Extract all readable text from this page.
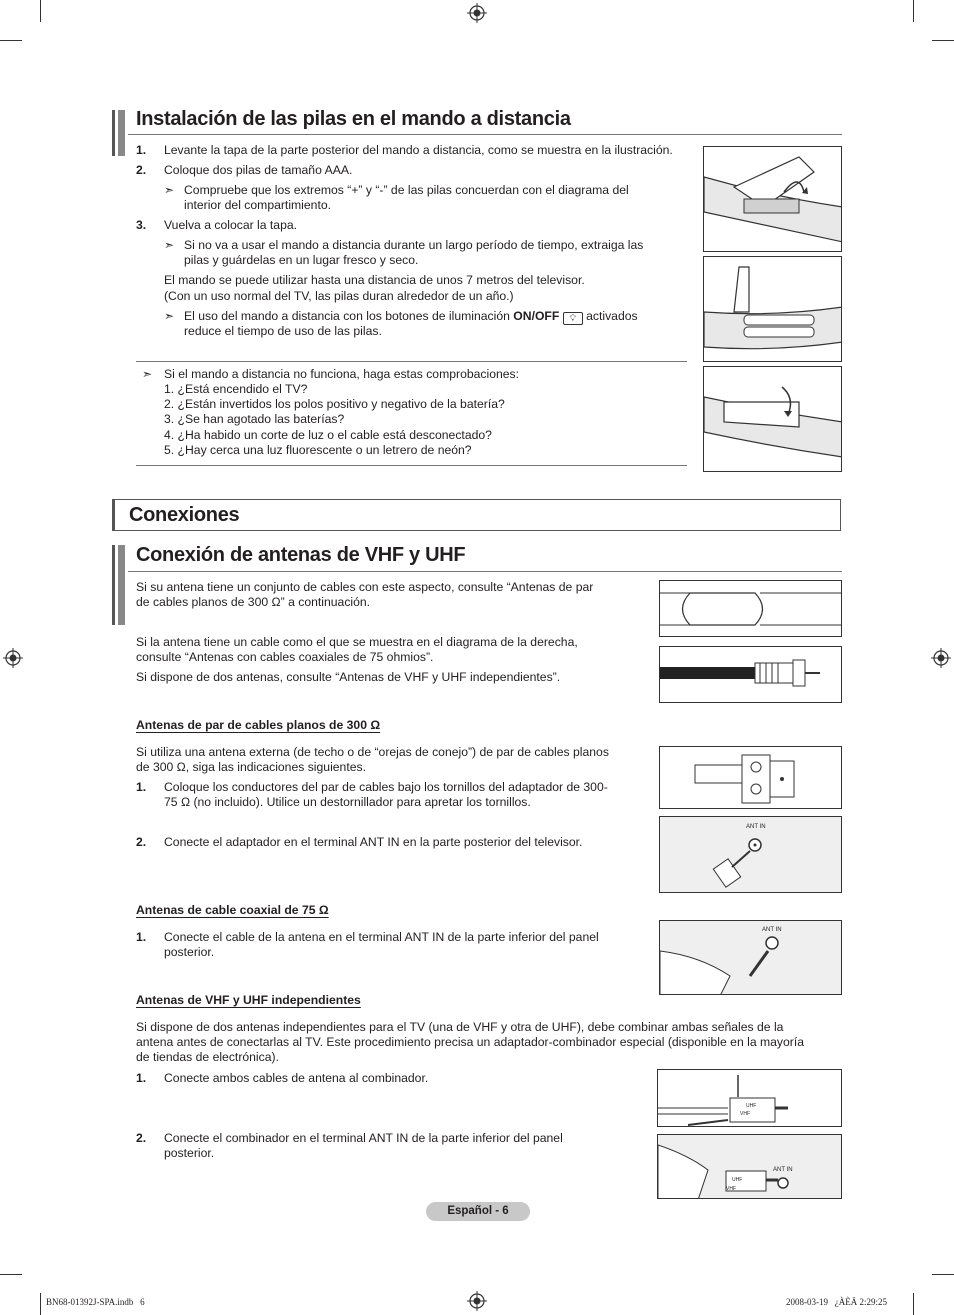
Instalación de las pilas en el mando a distancia
1. Levante la tapa de la parte posterior del mando a distancia, como se muestra en la ilustración.
2. Coloque dos pilas de tamaño AAA.
➣ Compruebe que los extremos “+” y “-” de las pilas concuerdan con el diagrama del
interior del compartimiento.
3. Vuelva a colocar la tapa.
➣ Si no va a usar el mando a distancia durante un largo período de tiempo, extraiga las
pilas y guárdelas en un lugar fresco y seco.
El mando se puede utilizar hasta una distancia de unos 7 metros del televisor.
(Con un uso normal del TV, las pilas duran alrededor de un año.)
➣ El uso del mando a distancia con los botones de iluminación ON/OFF 💡︎ activados
reduce el tiempo de uso de las pilas.
➣ Si el mando a distancia no funciona, haga estas comprobaciones:
1. ¿Está encendido el TV?
2. ¿Están invertidos los polos positivo y negativo de la batería?
3. ¿Se han agotado las baterías?
4. ¿Ha habido un corte de luz o el cable está desconectado?
5. ¿Hay cerca una luz fluorescente o un letrero de neón?
Conexiones
Conexión de antenas de VHF y UHF
Si su antena tiene un conjunto de cables con este aspecto, consulte “Antenas de par
de cables planos de 300 Ω” a continuación.
Si la antena tiene un cable como el que se muestra en el diagrama de la derecha,
consulte “Antenas con cables coaxiales de 75 ohmios”.
Si dispone de dos antenas, consulte “Antenas de VHF y UHF independientes”.
Antenas de par de cables planos de 300 Ω
Si utiliza una antena externa (de techo o de “orejas de conejo”) de par de cables planos
de 300 Ω, siga las indicaciones siguientes.
1. Coloque los conductores del par de cables bajo los tornillos del adaptador de 300-
75 Ω (no incluido). Utilice un destornillador para apretar los tornillos.
2. Conecte el adaptador en el terminal ANT IN en la parte posterior del televisor.
ANT IN
Antenas de cable coaxial de 75 Ω
1. Conecte el cable de la antena en el terminal ANT IN de la parte inferior del panel
posterior.
ANT IN
Antenas de VHF y UHF independientes
Si dispone de dos antenas independientes para el TV (una de VHF y otra de UHF), debe combinar ambas señales de la
antena antes de conectarlas al TV. Este procedimiento precisa un adaptador-combinador especial (disponible en la mayoría
de tiendas de electrónica).
1. Conecte ambos cables de antena al combinador.
2. Conecte el combinador en el terminal ANT IN de la parte inferior del panel
posterior.
UHF
VHF
UHF
VHF
ANT IN
Español - 6
BN68-01392J-SPA.indb   6	2008-03-19   ¿ÀÈÄ 2:29:25
